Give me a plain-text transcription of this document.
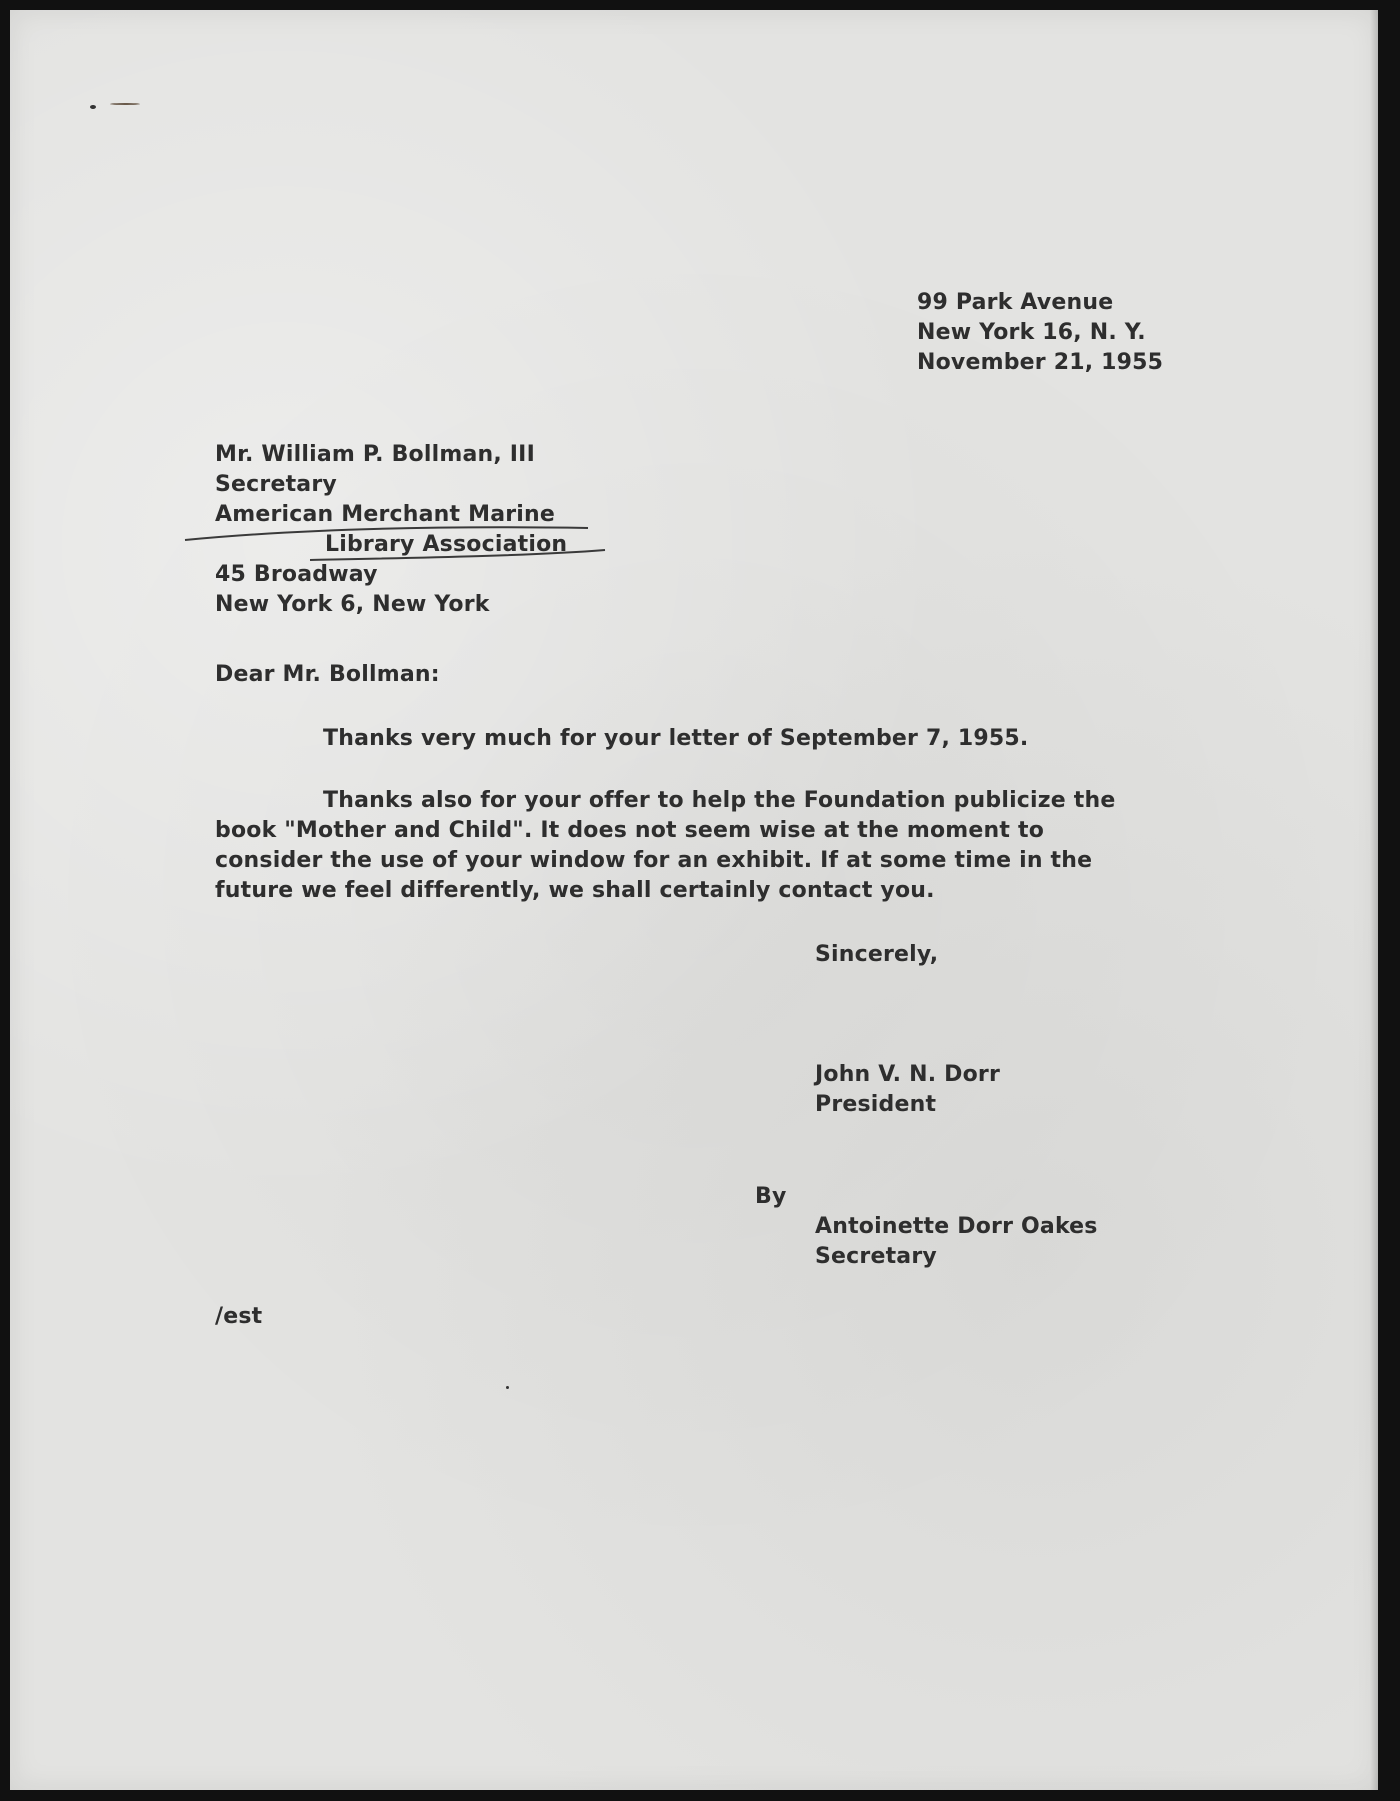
99 Park Avenue
New York 16, N. Y.
November 21, 1955
Mr. William P. Bollman, III
Secretary
American Merchant Marine
Library Association
45 Broadway
New York 6, New York
Dear Mr. Bollman:
Thanks very much for your letter of September 7, 1955.
Thanks also for your offer to help the Foundation publicize the
book "Mother and Child". It does not seem wise at the moment to
consider the use of your window for an exhibit. If at some time in the
future we feel differently, we shall certainly contact you.
Sincerely,
John V. N. Dorr
President
By
Antoinette Dorr Oakes
Secretary
/est
